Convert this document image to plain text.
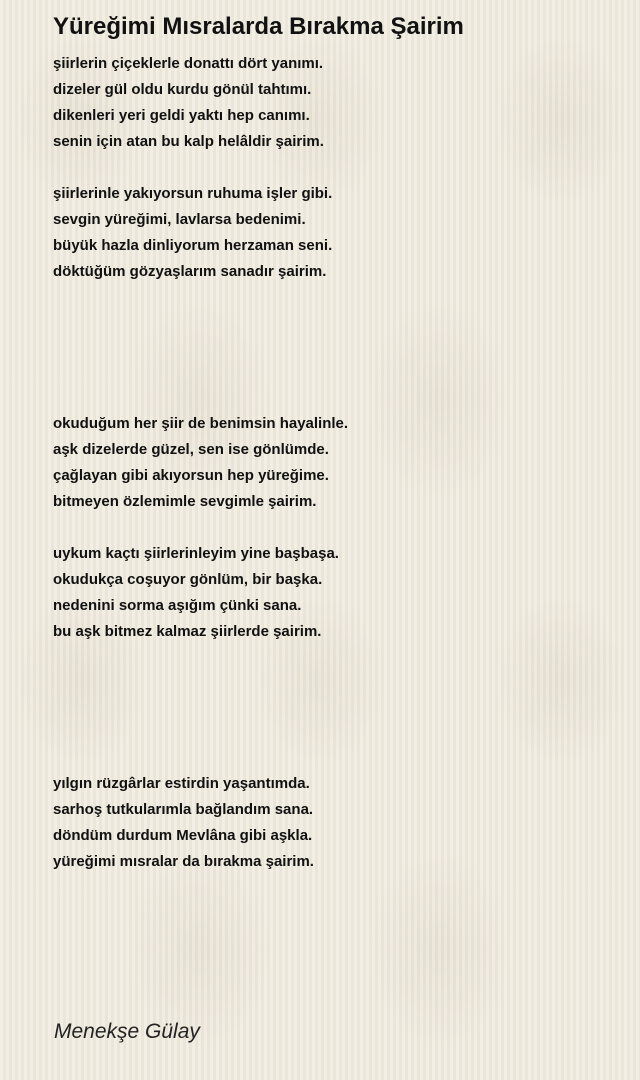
Yüreğimi Mısralarda Bırakma Şairim
şiirlerin çiçeklerle donattı dört yanımı.
dizeler gül oldu kurdu gönül tahtımı.
dikenleri yeri geldi yaktı hep canımı.
senin için atan bu kalp helâldir şairim.
şiirlerinle yakıyorsun ruhuma işler gibi.
sevgin yüreğimi, lavlarsa bedenimi.
büyük hazla dinliyorum herzaman seni.
döktüğüm gözyaşlarım sanadır şairim.
okuduğum her şiir de benimsin hayalinle.
aşk dizelerde güzel, sen ise gönlümde.
çağlayan gibi akıyorsun hep yüreğime.
bitmeyen özlemimle sevgimle şairim.
uykum kaçtı şiirlerinleyim yine başbaşa.
okudukça coşuyor gönlüm, bir başka.
nedenini sorma aşığım çünki sana.
bu aşk bitmez kalmaz şiirlerde şairim.
yılgın rüzgârlar estirdin yaşantımda.
sarhoş tutkularımla bağlandım sana.
döndüm durdum Mevlâna gibi aşkla.
yüreğimi mısralar da bırakma şairim.
Menekşe Gülay
